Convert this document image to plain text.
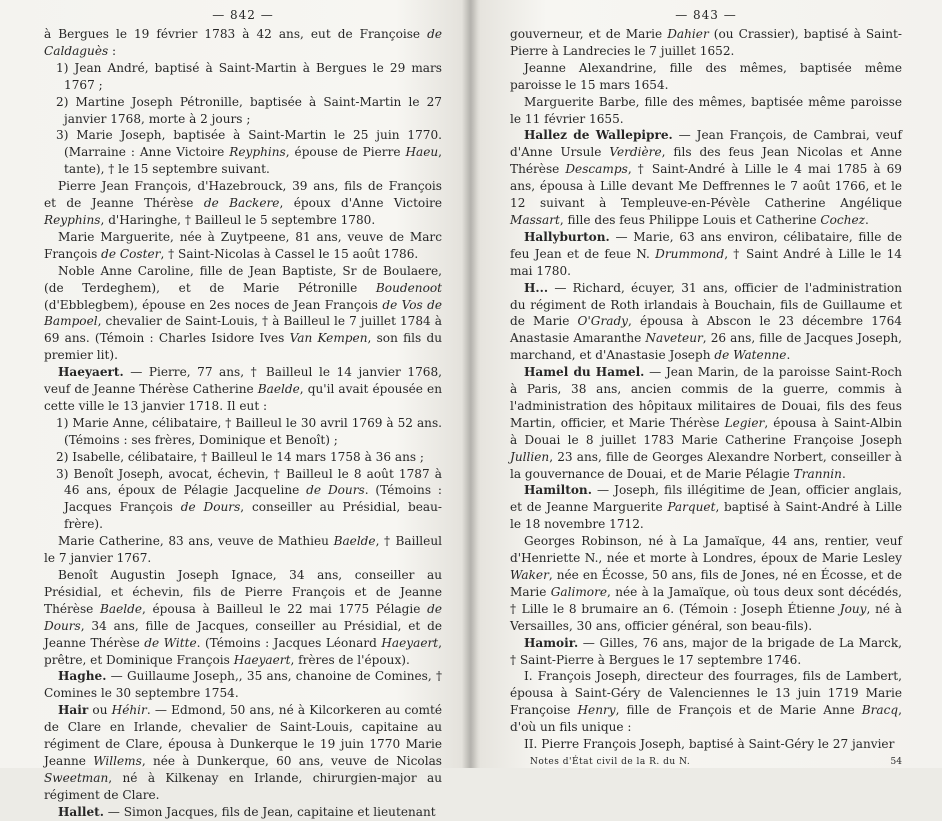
— 842 —

à Bergues le 19 février 1783 à 42 ans, eut de Françoise de Caldaguès :

1) Jean André, baptisé à Saint-Martin à Bergues le 29 mars 1767 ;

2) Martine Joseph Pétronille, baptisée à Saint-Martin le 27 janvier 1768, morte à 2 jours ;

3) Marie Joseph, baptisée à Saint-Martin le 25 juin 1770. (Marraine : Anne Victoire Reyphins, épouse de Pierre Haeu, tante), † le 15 septembre suivant.

Pierre Jean François, d'Hazebrouck, 39 ans, fils de François et de Jeanne Thérèse de Backere, époux d'Anne Victoire Reyphins, d'Haringhe, † Bailleul le 5 septembre 1780.

Marie Marguerite, née à Zuytpeene, 81 ans, veuve de Marc François de Coster, † Saint-Nicolas à Cassel le 15 août 1786.

Noble Anne Caroline, fille de Jean Baptiste, Sr de Boulaere, (de Terdeghem), et de Marie Pétronille Boudenoot (d'Ebblegbem), épouse en 2es noces de Jean François de Vos de Bampoel, chevalier de Saint-Louis, † à Bailleul le 7 juillet 1784 à 69 ans. (Témoin : Charles Isidore Ives Van Kempen, son fils du premier lit).

Haeyaert. — Pierre, 77 ans, † Bailleul le 14 janvier 1768, veuf de Jeanne Thérèse Catherine Baelde, qu'il avait épousée en cette ville le 13 janvier 1718. Il eut :

1) Marie Anne, célibataire, † Bailleul le 30 avril 1769 à 52 ans. (Témoins : ses frères, Dominique et Benoît) ;

2) Isabelle, célibataire, † Bailleul le 14 mars 1758 à 36 ans ;

3) Benoît Joseph, avocat, échevin, † Bailleul le 8 août 1787 à 46 ans, époux de Pélagie Jacqueline de Dours. (Témoins : Jacques François de Dours, conseiller au Présidial, beau-frère).

Marie Catherine, 83 ans, veuve de Mathieu Baelde, † Bailleul le 7 janvier 1767.

Benoît Augustin Joseph Ignace, 34 ans, conseiller au Présidial, et échevin, fils de Pierre François et de Jeanne Thérèse Baelde, épousa à Bailleul le 22 mai 1775 Pélagie de Dours, 34 ans, fille de Jacques, conseiller au Présidial, et de Jeanne Thérèse de Witte. (Témoins : Jacques Léonard Haeyaert, prêtre, et Dominique François Haeyaert, frères de l'époux).

Haghe. — Guillaume Joseph,, 35 ans, chanoine de Comines, † Comines le 30 septembre 1754.

Hair ou Héhir. — Edmond, 50 ans, né à Kilcorkeren au comté de Clare en Irlande, chevalier de Saint-Louis, capitaine au régiment de Clare, épousa à Dunkerque le 19 juin 1770 Marie Jeanne Willems, née à Dunkerque, 60 ans, veuve de Nicolas Sweetman, né à Kilkenay en Irlande, chirurgien-major au régiment de Clare.

Hallet. — Simon Jacques, fils de Jean, capitaine et lieutenant

— 843 —

gouverneur, et de Marie Dahier (ou Crassier), baptisé à Saint-Pierre à Landrecies le 7 juillet 1652.

Jeanne Alexandrine, fille des mêmes, baptisée même paroisse le 15 mars 1654.

Marguerite Barbe, fille des mêmes, baptisée même paroisse le 11 février 1655.

Hallez de Wallepipre. — Jean François, de Cambrai, veuf d'Anne Ursule Verdière, fils des feus Jean Nicolas et Anne Thérèse Descamps, † Saint-André à Lille le 4 mai 1785 à 69 ans, épousa à Lille devant Me Deffrennes le 7 août 1766, et le 12 suivant à Templeuve-en-Pévèle Catherine Angélique Massart, fille des feus Philippe Louis et Catherine Cochez.

Hallyburton. — Marie, 63 ans environ, célibataire, fille de feu Jean et de feue N. Drummond, † Saint André à Lille le 14 mai 1780.

H... — Richard, écuyer, 31 ans, officier de l'administration du régiment de Roth irlandais à Bouchain, fils de Guillaume et de Marie O'Grady, épousa à Abscon le 23 décembre 1764 Anastasie Amaranthe Naveteur, 26 ans, fille de Jacques Joseph, marchand, et d'Anastasie Joseph de Watenne.

Hamel du Hamel. — Jean Marin, de la paroisse Saint-Roch à Paris, 38 ans, ancien commis de la guerre, commis à l'administration des hôpitaux militaires de Douai, fils des feus Martin, officier, et Marie Thérèse Legier, épousa à Saint-Albin à Douai le 8 juillet 1783 Marie Catherine Françoise Joseph Jullien, 23 ans, fille de Georges Alexandre Norbert, conseiller à la gouvernance de Douai, et de Marie Pélagie Trannin.

Hamilton. — Joseph, fils illégitime de Jean, officier anglais, et de Jeanne Marguerite Parquet, baptisé à Saint-André à Lille le 18 novembre 1712.

Georges Robinson, né à La Jamaïque, 44 ans, rentier, veuf d'Henriette N., née et morte à Londres, époux de Marie Lesley Waker, née en Écosse, 50 ans, fils de Jones, né en Écosse, et de Marie Galimore, née à la Jamaïque, où tous deux sont décédés, † Lille le 8 brumaire an 6. (Témoin : Joseph Étienne Jouy, né à Versailles, 30 ans, officier général, son beau-fils).

Hamoir. — Gilles, 76 ans, major de la brigade de La Marck, † Saint-Pierre à Bergues le 17 septembre 1746.

I. François Joseph, directeur des fourrages, fils de Lambert, épousa à Saint-Géry de Valenciennes le 13 juin 1719 Marie Françoise Henry, fille de François et de Marie Anne Bracq, d'où un fils unique :

II. Pierre François Joseph, baptisé à Saint-Géry le 27 janvier

Notes d'État civil de la R. du N.	54
